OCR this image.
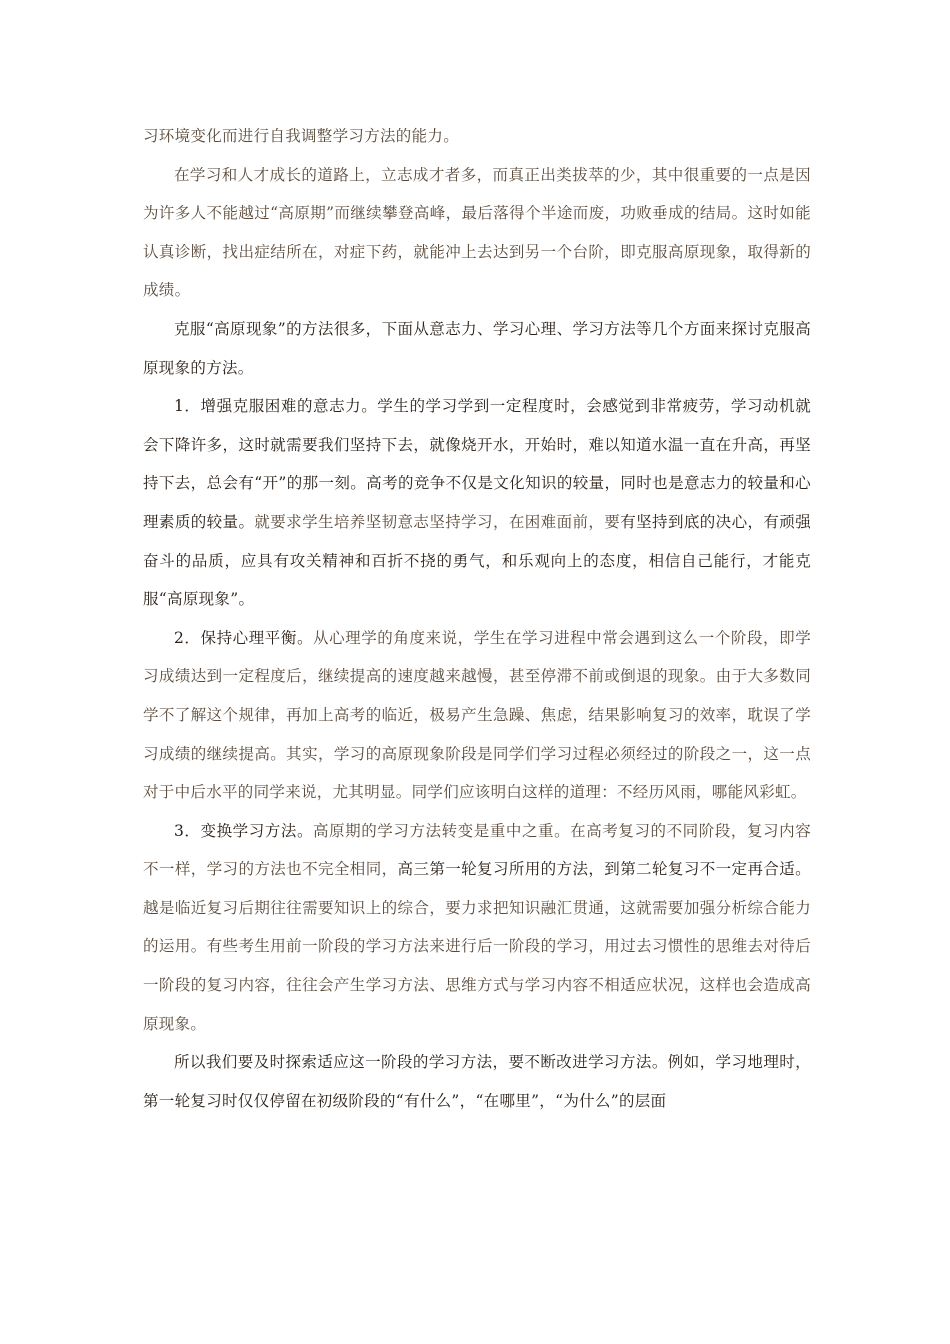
习环境变化而进行自我调整学习方法的能力。

在学习和人才成长的道路上，立志成才者多，而真正出类拔萃的少，其中很重要的一点是因为许多人不能越过“高原期”而继续攀登高峰，最后落得个半途而废，功败垂成的结局。这时如能认真诊断，找出症结所在，对症下药，就能冲上去达到另一个台阶，即克服高原现象，取得新的成绩。

克服“高原现象”的方法很多，下面从意志力、学习心理、学习方法等几个方面来探讨克服高原现象的方法。

1．增强克服困难的意志力。学生的学习学到一定程度时，会感觉到非常疲劳，学习动机就会下降许多，这时就需要我们坚持下去，就像烧开水，开始时，难以知道水温一直在升高，再坚持下去，总会有“开”的那一刻。高考的竞争不仅是文化知识的较量，同时也是意志力的较量和心理素质的较量。就要求学生培养坚韧意志坚持学习，在困难面前，要有坚持到底的决心，有顽强奋斗的品质，应具有攻关精神和百折不挠的勇气，和乐观向上的态度，相信自己能行，才能克服“高原现象”。

2．保持心理平衡。从心理学的角度来说，学生在学习进程中常会遇到这么一个阶段，即学习成绩达到一定程度后，继续提高的速度越来越慢，甚至停滞不前或倒退的现象。由于大多数同学不了解这个规律，再加上高考的临近，极易产生急躁、焦虑，结果影响复习的效率，耽误了学习成绩的继续提高。其实，学习的高原现象阶段是同学们学习过程必须经过的阶段之一，这一点对于中后水平的同学来说，尤其明显。同学们应该明白这样的道理：不经历风雨，哪能风彩虹。

3．变换学习方法。高原期的学习方法转变是重中之重。在高考复习的不同阶段，复习内容不一样，学习的方法也不完全相同，高三第一轮复习所用的方法，到第二轮复习不一定再合适。越是临近复习后期往往需要知识上的综合，要力求把知识融汇贯通，这就需要加强分析综合能力的运用。有些考生用前一阶段的学习方法来进行后一阶段的学习，用过去习惯性的思维去对待后一阶段的复习内容，往往会产生学习方法、思维方式与学习内容不相适应状况，这样也会造成高原现象。

所以我们要及时探索适应这一阶段的学习方法，要不断改进学习方法。例如，学习地理时，第一轮复习时仅仅停留在初级阶段的“有什么”，“在哪里”，“为什么”的层面
